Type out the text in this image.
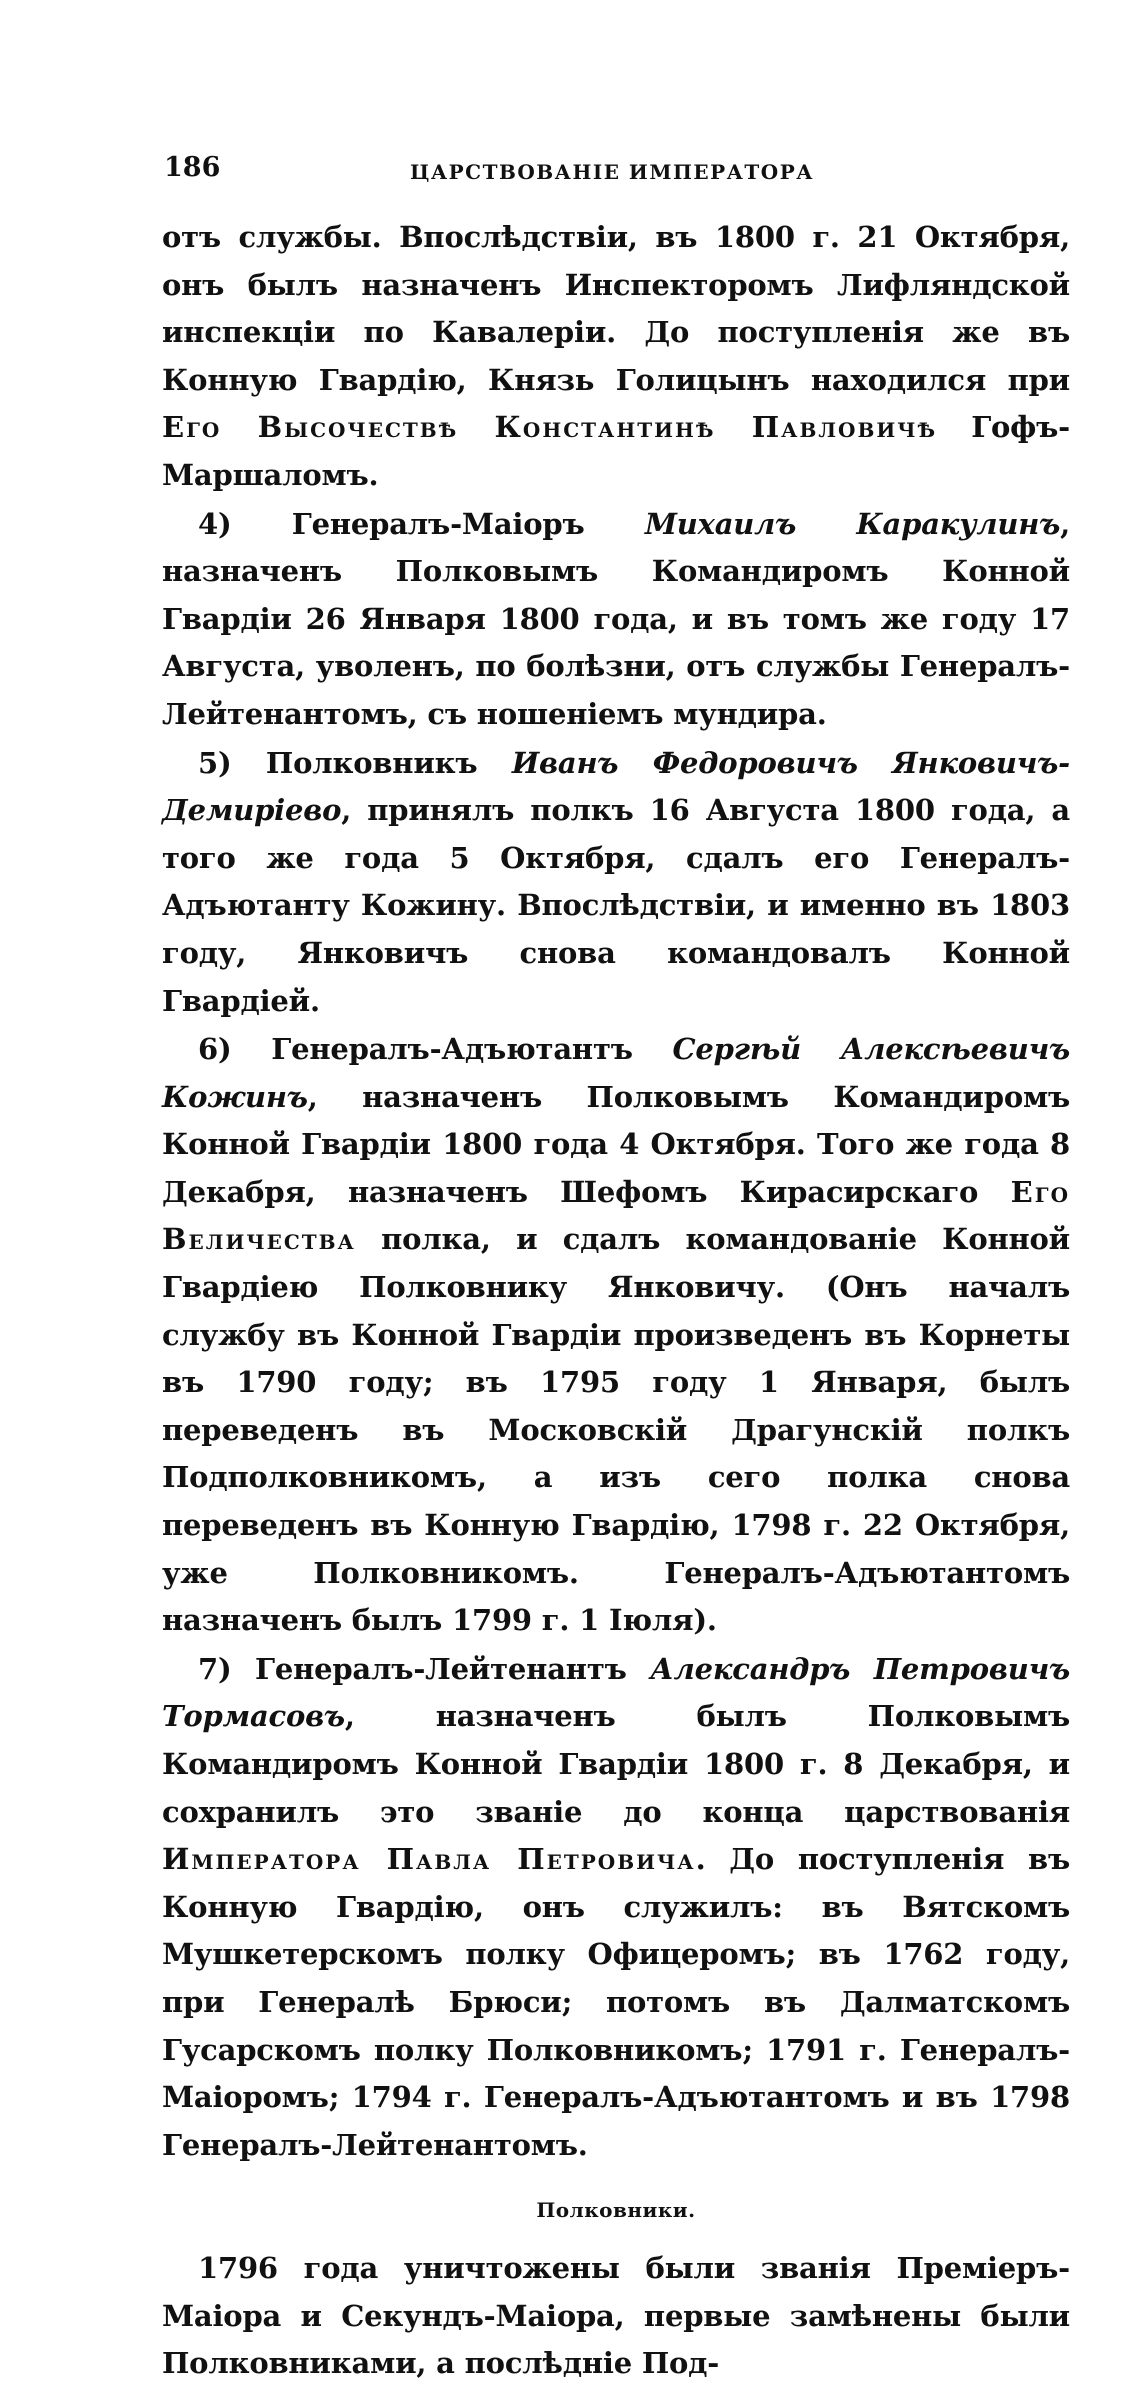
186	ЦАРСТВОВАНІЕ ИМПЕРАТОРА

отъ службы. Впослѣдствіи, въ 1800 г. 21 Октября, онъ былъ назначенъ Инспекторомъ Лифляндской инспекціи по Кавалеріи. До поступленія же въ Конную Гвардію, Князь Голицынъ находился при Его Высочествѣ Константинѣ Павловичѣ Гофъ-Маршаломъ.

4) Генералъ-Маіоръ Михаилъ Каракулинъ, назначенъ Полковымъ Командиромъ Конной Гвардіи 26 Января 1800 года, и въ томъ же году 17 Августа, уволенъ, по болѣзни, отъ службы Генералъ-Лейтенантомъ, съ ношеніемъ мундира.

5) Полковникъ Иванъ Федоровичъ Янковичъ-Демиріево, принялъ полкъ 16 Августа 1800 года, а того же года 5 Октября, сдалъ его Генералъ-Адъютанту Кожину. Впослѣдствіи, и именно въ 1803 году, Янковичъ снова командовалъ Конной Гвардіей.

6) Генералъ-Адъютантъ Сергѣй Алексѣевичъ Кожинъ, назначенъ Полковымъ Командиромъ Конной Гвардіи 1800 года 4 Октября. Того же года 8 Декабря, назначенъ Шефомъ Кирасирскаго Его Величества полка, и сдалъ командованіе Конной Гвардіею Полковнику Янковичу. (Онъ началъ службу въ Конной Гвардіи произведенъ въ Корнеты въ 1790 году; въ 1795 году 1 Января, былъ переведенъ въ Московскій Драгунскій полкъ Подполковникомъ, а изъ сего полка снова переведенъ въ Конную Гвардію, 1798 г. 22 Октября, уже Полковникомъ. Генералъ-Адъютантомъ назначенъ былъ 1799 г. 1 Іюля).

7) Генералъ-Лейтенантъ Александръ Петровичъ Тормасовъ, назначенъ былъ Полковымъ Командиромъ Конной Гвардіи 1800 г. 8 Декабря, и сохранилъ это званіе до конца царствованія Императора Павла Петровича. До поступленія въ Конную Гвардію, онъ служилъ: въ Вятскомъ Мушкетерскомъ полку Офицеромъ; въ 1762 году, при Генералѣ Брюси; потомъ въ Далматскомъ Гусарскомъ полку Полковникомъ; 1791 г. Генералъ-Маіоромъ; 1794 г. Генералъ-Адъютантомъ и въ 1798 Генералъ-Лейтенантомъ.

Полковники.

1796 года уничтожены были званія Преміеръ-Маіора и Секундъ-Маіора, первые замѣнены были Полковниками, а послѣдніе Под-
